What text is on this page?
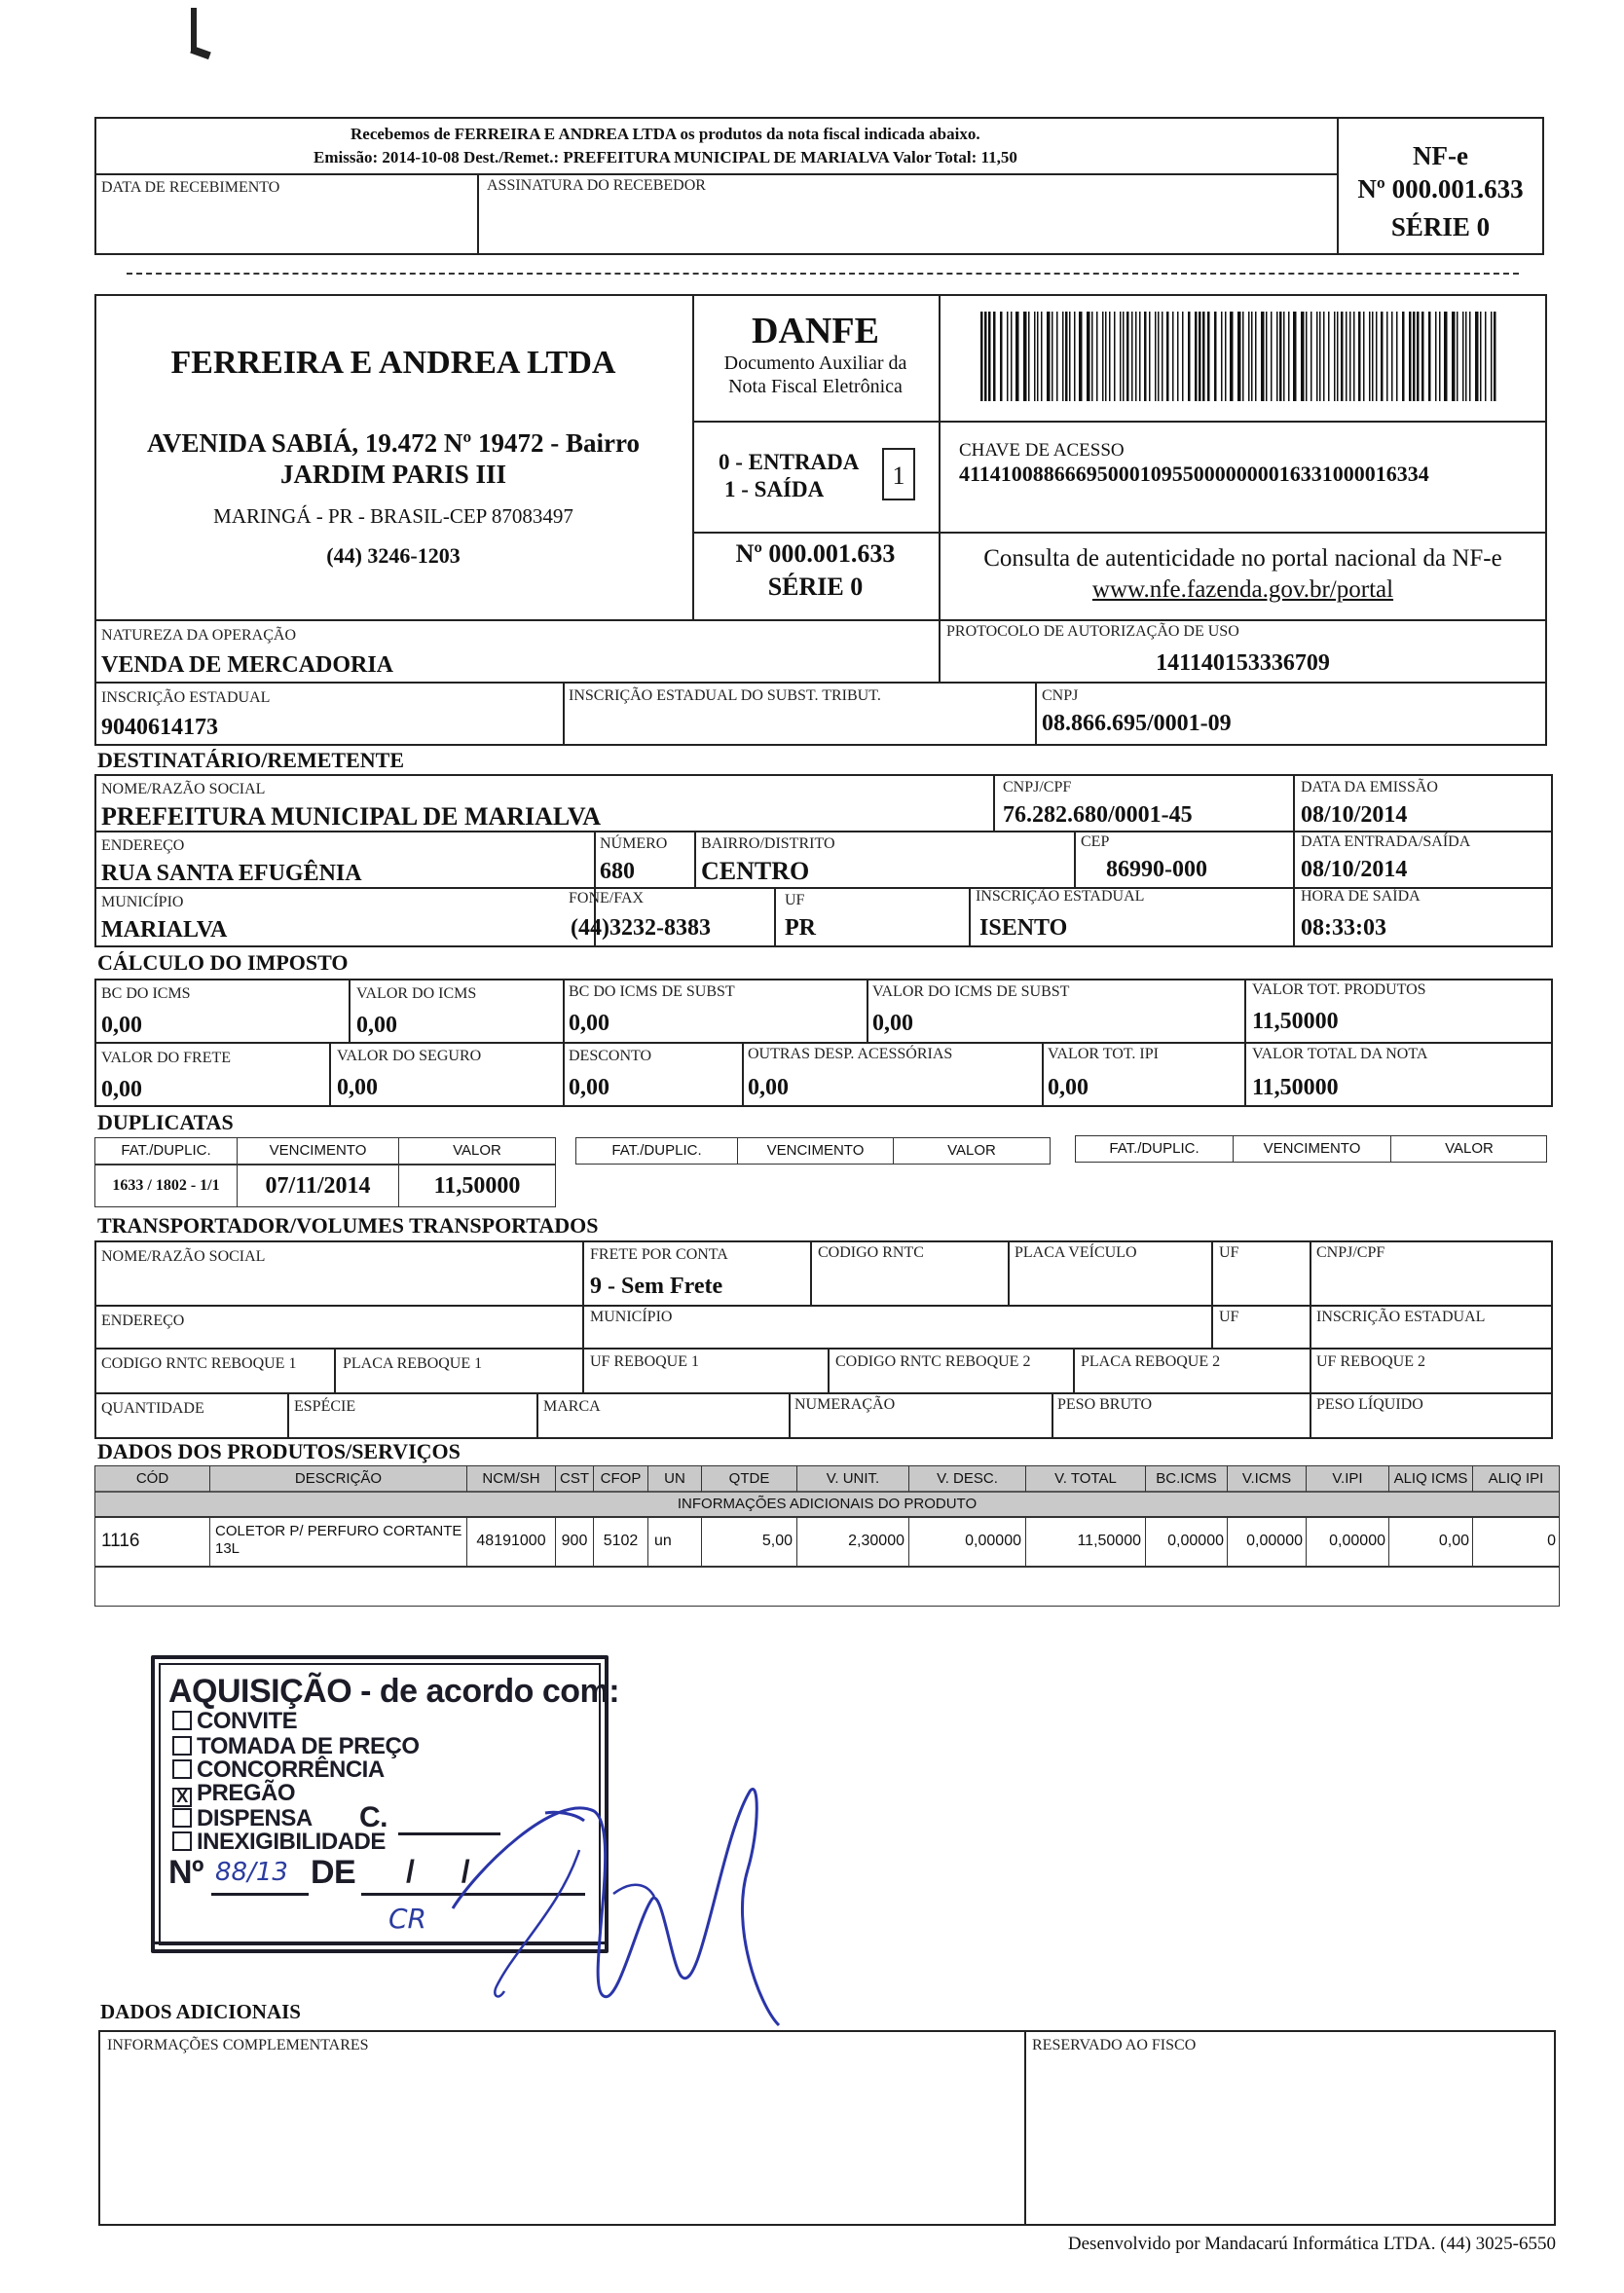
Recebemos de FERREIRA E ANDREA LTDA os produtos da nota fiscal indicada abaixo.
Emissão: 2014-10-08 Dest./Remet.: PREFEITURA MUNICIPAL DE MARIALVA Valor Total: 11,50
DATA DE RECEBIMENTO	ASSINATURA DO RECEBEDOR
NF-e
Nº 000.001.633
SÉRIE 0
FERREIRA E ANDREA LTDA
AVENIDA SABIÁ, 19.472 Nº 19472 - Bairro
JARDIM PARIS III
MARINGÁ - PR - BRASIL-CEP 87083497
(44) 3246-1203
DANFE
Documento Auxiliar da
Nota Fiscal Eletrônica
0 - ENTRADA
1 - SAÍDA	1
Nº 000.001.633
SÉRIE 0
CHAVE DE ACESSO
41141008866695000109550000000016331000016334
Consulta de autenticidade no portal nacional da NF-e
www.nfe.fazenda.gov.br/portal
NATUREZA DA OPERAÇÃO
VENDA DE MERCADORIA
PROTOCOLO DE AUTORIZAÇÃO DE USO
141140153336709
INSCRIÇÃO ESTADUAL
9040614173
INSCRIÇÃO ESTADUAL DO SUBST. TRIBUT.	CNPJ
08.866.695/0001-09
DESTINATÁRIO/REMETENTE
NOME/RAZÃO SOCIAL
PREFEITURA MUNICIPAL DE MARIALVA
CNPJ/CPF
76.282.680/0001-45
DATA DA EMISSÃO
08/10/2014
ENDEREÇO
RUA SANTA EFUGÊNIA
NÚMERO
680
BAIRRO/DISTRITO
CENTRO
CEP
86990-000
DATA ENTRADA/SAÍDA
08/10/2014
MUNICÍPIO
MARIALVA
FONE/FAX
(44)3232-8383
UF
PR
INSCRIÇÃO ESTADUAL
ISENTO
HORA DE SAÍDA
08:33:03
CÁLCULO DO IMPOSTO
BC DO ICMS
0,00
VALOR DO ICMS
0,00
BC DO ICMS DE SUBST
0,00
VALOR DO ICMS DE SUBST
0,00
VALOR TOT. PRODUTOS
11,50000
VALOR DO FRETE
0,00
VALOR DO SEGURO
0,00
DESCONTO
0,00
OUTRAS DESP. ACESSÓRIAS
0,00
VALOR TOT. IPI
0,00
VALOR TOTAL DA NOTA
11,50000
DUPLICATAS
FAT./DUPLIC.	VENCIMENTO	VALOR
1633 / 1802 - 1/1	07/11/2014	11,50000
FAT./DUPLIC.	VENCIMENTO	VALOR	FAT./DUPLIC.	VENCIMENTO	VALOR
TRANSPORTADOR/VOLUMES TRANSPORTADOS
NOME/RAZÃO SOCIAL	FRETE POR CONTA
9 - Sem Frete
CODIGO RNTC	PLACA VEÍCULO	UF	CNPJ/CPF
ENDEREÇO	MUNICÍPIO	UF	INSCRIÇÃO ESTADUAL
CODIGO RNTC REBOQUE 1	PLACA REBOQUE 1	UF REBOQUE 1	CODIGO RNTC REBOQUE 2	PLACA REBOQUE 2	UF REBOQUE 2
QUANTIDADE	ESPÉCIE	MARCA	NUMERAÇÃO	PESO BRUTO	PESO LÍQUIDO
DADOS DOS PRODUTOS/SERVIÇOS
CÓD	DESCRIÇÃO	NCM/SH	CST CFOP	UN	QTDE	V. UNIT.	V. DESC.	V. TOTAL	BC.ICMS	V.ICMS	V.IPI	ALIQ ICMS	ALIQ IPI
INFORMAÇÕES ADICIONAIS DO PRODUTO
1116	COLETOR P/ PERFURO CORTANTE
13L	48191000	900	5102	un	5,00	2,30000	0,00000	11,50000	0,00000	0,00000	0,00000	0,00	0
AQUISIÇÃO - de acordo com:
CONVITE
TOMADA DE PREÇO
CONCORRÊNCIA
X PREGÃO
DISPENSA C.
INEXIGIBILIDADE
Nº 88/13 DE / /
CR
DADOS ADICIONAIS
INFORMAÇÕES COMPLEMENTARES	RESERVADO AO FISCO
Desenvolvido por Mandacarú Informática LTDA. (44) 3025-6550
